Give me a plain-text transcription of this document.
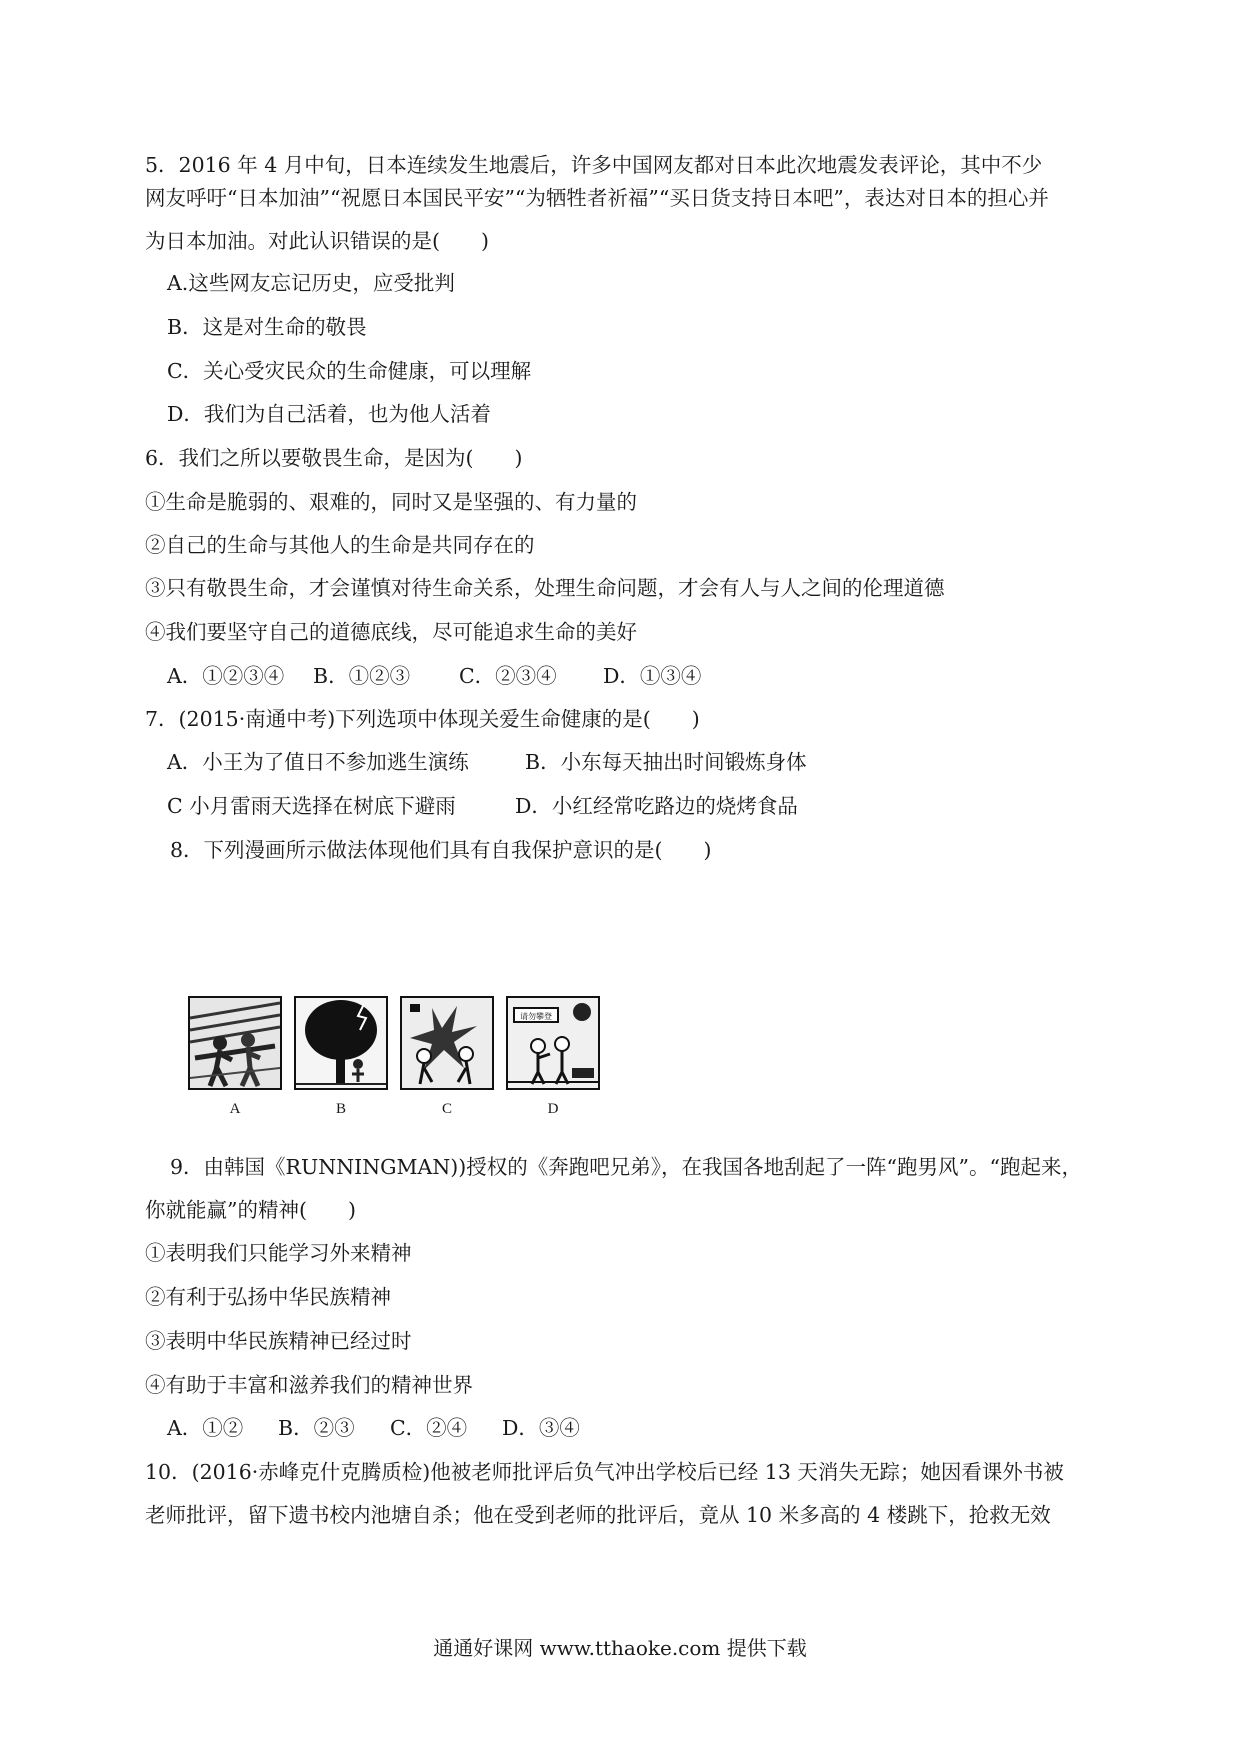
5．2016 年 4 月中旬，日本连续发生地震后，许多中国网友都对日本此次地震发表评论，其中不少
网友呼吁“日本加油”“祝愿日本国民平安”“为牺牲者祈福”“买日货支持日本吧”，表达对日本的担心并
为日本加油。对此认识错误的是(　　)
A.这些网友忘记历史，应受批判
B．这是对生命的敬畏
C．关心受灾民众的生命健康，可以理解
D．我们为自己活着，也为他人活着
6．我们之所以要敬畏生命，是因为(　　)
①生命是脆弱的、艰难的，同时又是坚强的、有力量的
②自己的生命与其他人的生命是共同存在的
③只有敬畏生命，才会谨慎对待生命关系，处理生命问题，才会有人与人之间的伦理道德
④我们要坚守自己的道德底线，尽可能追求生命的美好
A．①②③④	B．①②③	C．②③④	D．①③④
7．(2015·南通中考)下列选项中体现关爱生命健康的是(　　)
A．小王为了值日不参加逃生演练	B．小东每天抽出时间锻炼身体
C 小月雷雨天选择在树底下避雨	D．小红经常吃路边的烧烤食品
8．下列漫画所示做法体现他们具有自我保护意识的是(　　)
请勿攀登
A	B	C	D
9．由韩国《RUNNINGMAN))授权的《奔跑吧兄弟》，在我国各地刮起了一阵“跑男风”。“跑起来，
你就能赢”的精神(　　)
①表明我们只能学习外来精神
②有利于弘扬中华民族精神
③表明中华民族精神已经过时
④有助于丰富和滋养我们的精神世界
A．①②	B．②③	C．②④	D．③④
10．(2016·赤峰克什克腾质检)他被老师批评后负气冲出学校后已经 13 天消失无踪；她因看课外书被
老师批评，留下遗书校内池塘自杀；他在受到老师的批评后，竟从 10 米多高的 4 楼跳下，抢救无效
通通好课网 www.tthaoke.com 提供下载
